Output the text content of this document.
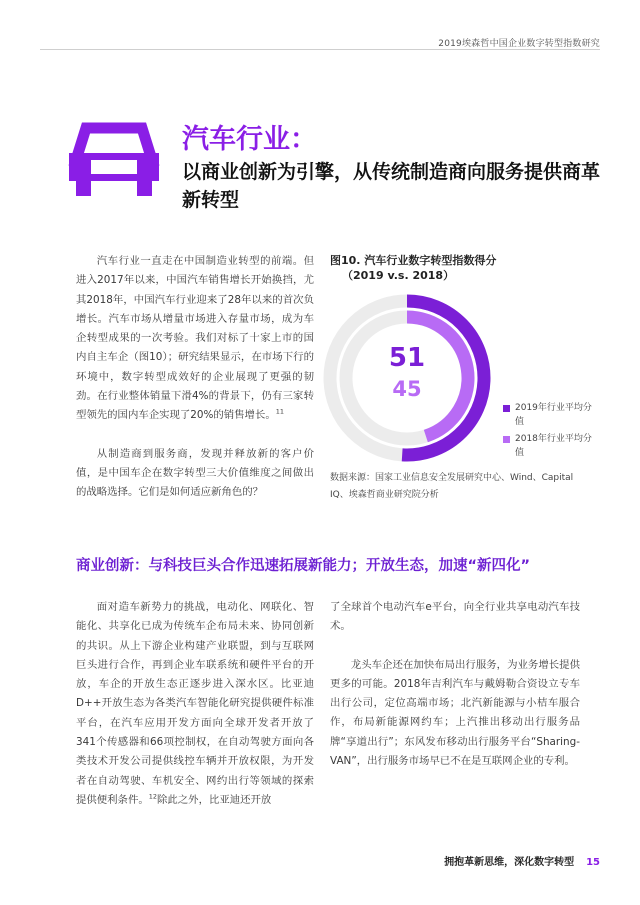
2019埃森哲中国企业数字转型指数研究
汽车行业：
以商业创新为引擎，从传统制造商向服务提供商革新转型

汽车行业一直走在中国制造业转型的前端。但进入2017年以来，中国汽车销售增长开始换挡，尤其2018年，中国汽车行业迎来了28年以来的首次负增长。汽车市场从增量市场进入存量市场，成为车企转型成果的一次考验。我们对标了十家上市的国内自主车企（图10）；研究结果显示，在市场下行的环境中，数字转型成效好的企业展现了更强的韧劲。在行业整体销量下滑4%的背景下，仍有三家转型领先的国内车企实现了20%的销售增长。$^{11}$

从制造商到服务商，发现并释放新的客户价值，是中国车企在数字转型三大价值维度之间做出的战略选择。它们是如何适应新角色的？

图10. 汽车行业数字转型指数得分
（2019 v.s. 2018）
51
45
2019年行业平均分值
2018年行业平均分值
数据来源：国家工业信息安全发展研究中心、Wind、Capital IQ、埃森哲商业研究院分析
商业创新：与科技巨头合作迅速拓展新能力；开放生态，加速“新四化”

面对造车新势力的挑战，电动化、网联化、智能化、共享化已成为传统车企布局未来、协同创新的共识。从上下游企业构建产业联盟，到与互联网巨头进行合作，再到企业车联系统和硬件平台的开放，车企的开放生态正逐步进入深水区。比亚迪D++开放生态为各类汽车智能化研究提供硬件标准平台，在汽车应用开发方面向全球开发者开放了341个传感器和66项控制权，在自动驾驶方面向各类技术开发公司提供线控车辆并开放权限，为开发者在自动驾驶、车机安全、网约出行等领域的探索提供便利条件。$^{12}$除此之外，比亚迪还开放

了全球首个电动汽车e平台，向全行业共享电动汽车技术。

龙头车企还在加快布局出行服务，为业务增长提供更多的可能。2018年吉利汽车与戴姆勒合资设立专车出行公司，定位高端市场；北汽新能源与小桔车服合作，布局新能源网约车；上汽推出移动出行服务品牌“享道出行”；东风发布移动出行服务平台“Sharing-VAN”，出行服务市场早已不在是互联网企业的专利。

拥抱革新思维，深化数字转型 15
